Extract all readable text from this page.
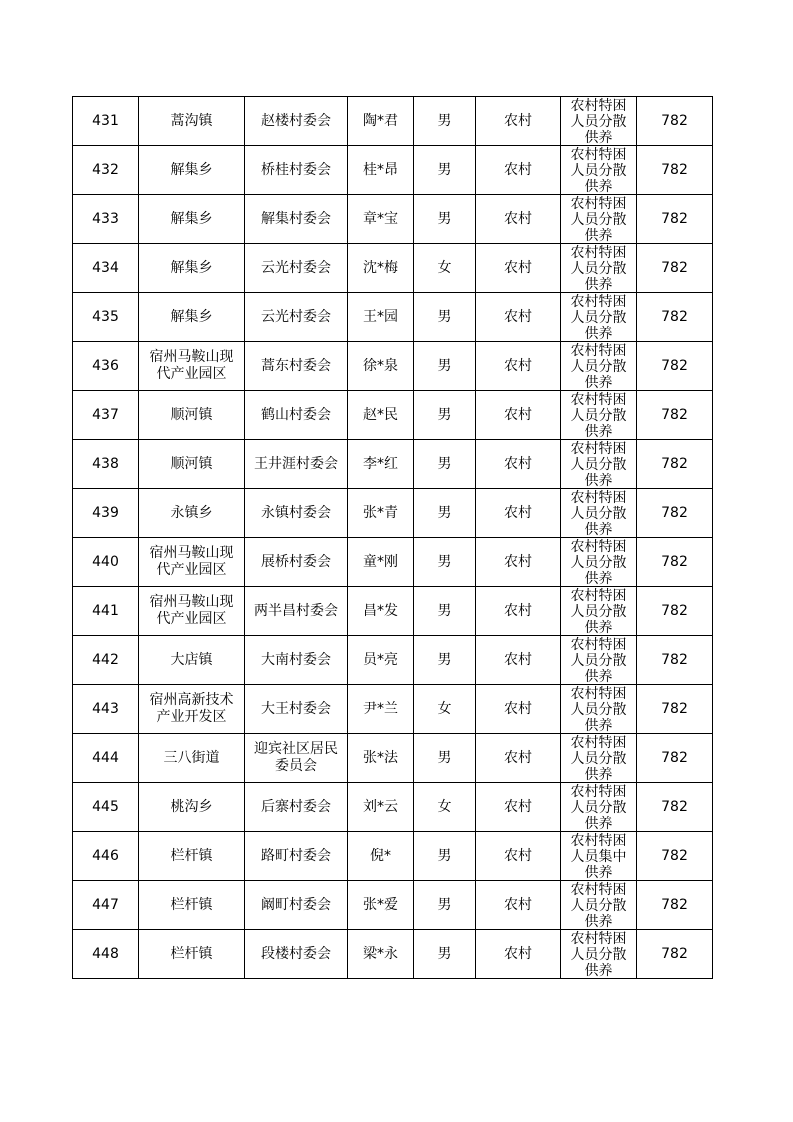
431	蒿沟镇	赵楼村委会	陶*君	男	农村	农村特困人员分散供养	782
432	解集乡	桥桂村委会	桂*昂	男	农村	农村特困人员分散供养	782
433	解集乡	解集村委会	章*宝	男	农村	农村特困人员分散供养	782
434	解集乡	云光村委会	沈*梅	女	农村	农村特困人员分散供养	782
435	解集乡	云光村委会	王*园	男	农村	农村特困人员分散供养	782
436	宿州马鞍山现代产业园区	蒿东村委会	徐*泉	男	农村	农村特困人员分散供养	782
437	顺河镇	鹤山村委会	赵*民	男	农村	农村特困人员分散供养	782
438	顺河镇	王井涯村委会	李*红	男	农村	农村特困人员分散供养	782
439	永镇乡	永镇村委会	张*青	男	农村	农村特困人员分散供养	782
440	宿州马鞍山现代产业园区	展桥村委会	童*刚	男	农村	农村特困人员分散供养	782
441	宿州马鞍山现代产业园区	两半昌村委会	昌*发	男	农村	农村特困人员分散供养	782
442	大店镇	大南村委会	员*亮	男	农村	农村特困人员分散供养	782
443	宿州高新技术产业开发区	大王村委会	尹*兰	女	农村	农村特困人员分散供养	782
444	三八街道	迎宾社区居民委员会	张*法	男	农村	农村特困人员分散供养	782
445	桃沟乡	后寨村委会	刘*云	女	农村	农村特困人员分散供养	782
446	栏杆镇	路町村委会	倪*	男	农村	农村特困人员集中供养	782
447	栏杆镇	阚町村委会	张*爱	男	农村	农村特困人员分散供养	782
448	栏杆镇	段楼村委会	梁*永	男	农村	农村特困人员分散供养	782
